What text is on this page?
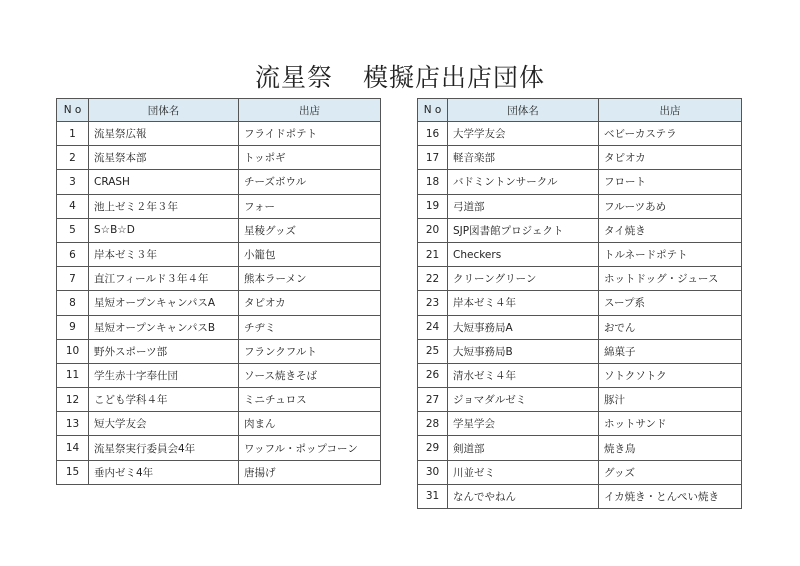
流星祭 模擬店出店団体
N o	団体名	出店
1	流星祭広報	フライドポテト
2	流星祭本部	トッポギ
3	CRASH	チーズボウル
4	池上ゼミ２年３年	フォー
5	S☆B☆D	星稜グッズ
6	岸本ゼミ３年	小籠包
7	直江フィールド３年４年	熊本ラーメン
8	星短オープンキャンパスA	タピオカ
9	星短オープンキャンパスB	チヂミ
10	野外スポーツ部	フランクフルト
11	学生赤十字奉仕団	ソース焼きそば
12	こども学科４年	ミニチュロス
13	短大学友会	肉まん
14	流星祭実行委員会4年	ワッフル・ポップコーン
15	垂内ゼミ4年	唐揚げ
N o	団体名	出店
16	大学学友会	ベビーカステラ
17	軽音楽部	タピオカ
18	バドミントンサークル	フロート
19	弓道部	フルーツあめ
20	SJP図書館プロジェクト	タイ焼き
21	Checkers	トルネードポテト
22	クリーングリーン	ホットドッグ・ジュース
23	岸本ゼミ４年	スープ系
24	大短事務局A	おでん
25	大短事務局B	綿菓子
26	清水ゼミ４年	ソトクソトク
27	ジョマダルゼミ	豚汁
28	学星学会	ホットサンド
29	剣道部	焼き鳥
30	川並ゼミ	グッズ
31	なんでやねん	イカ焼き・とんぺい焼き
